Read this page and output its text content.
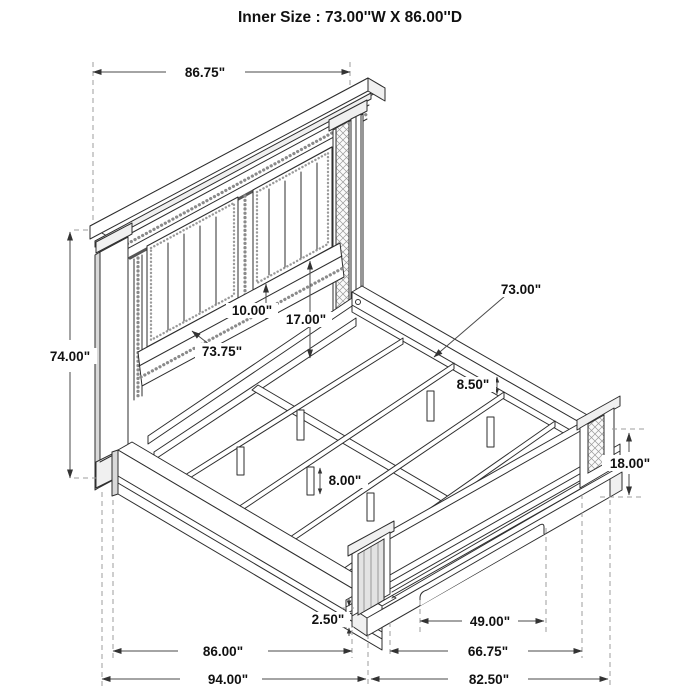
Inner Size : 73.00''W X 86.00''D
86.75"
74.00"	73.75"
10.00"
17.00"
73.00"
8.50"
8.00"
18.00"
2.50"	49.00"
66.75"
86.00"
94.00"	82.50"
